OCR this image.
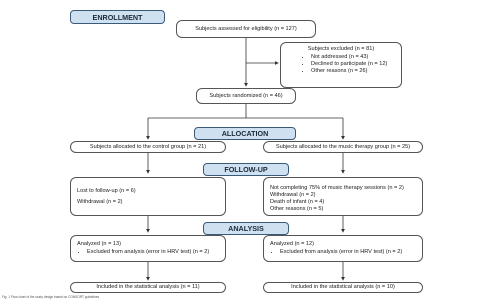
ENROLLMENT
Subjects assessed for eligibility (n = 127)
Subjects excluded (n = 81)
• Not addressed (n = 43)
• Declined to participate (n = 12)
• Other reasons (n = 26)
Subjects randomized (n = 46)
ALLOCATION
Subjects allocated to the control group (n = 21)	Subjects allocated to the music therapy group (n = 25)
FOLLOW-UP
Lost to follow-up (n = 6)
Withdrawal (n = 2)
Not completing 75% of music therapy sessions (n = 2)
Withdrawal (n = 2)
Death of infant (n = 4)
Other reasons (n = 5)
ANALYSIS
Analyzed (n = 13)
• Excluded from analysis (error in HRV test) (n = 2)
Analyzed (n = 12)
• Excluded from analysis (error in HRV test) (n = 2)
Included in the statistical analysis (n = 11)	Included in the statistical analysis (n = 10)
Fig. 1 Flow chart of the study design based on CONSORT guidelines
